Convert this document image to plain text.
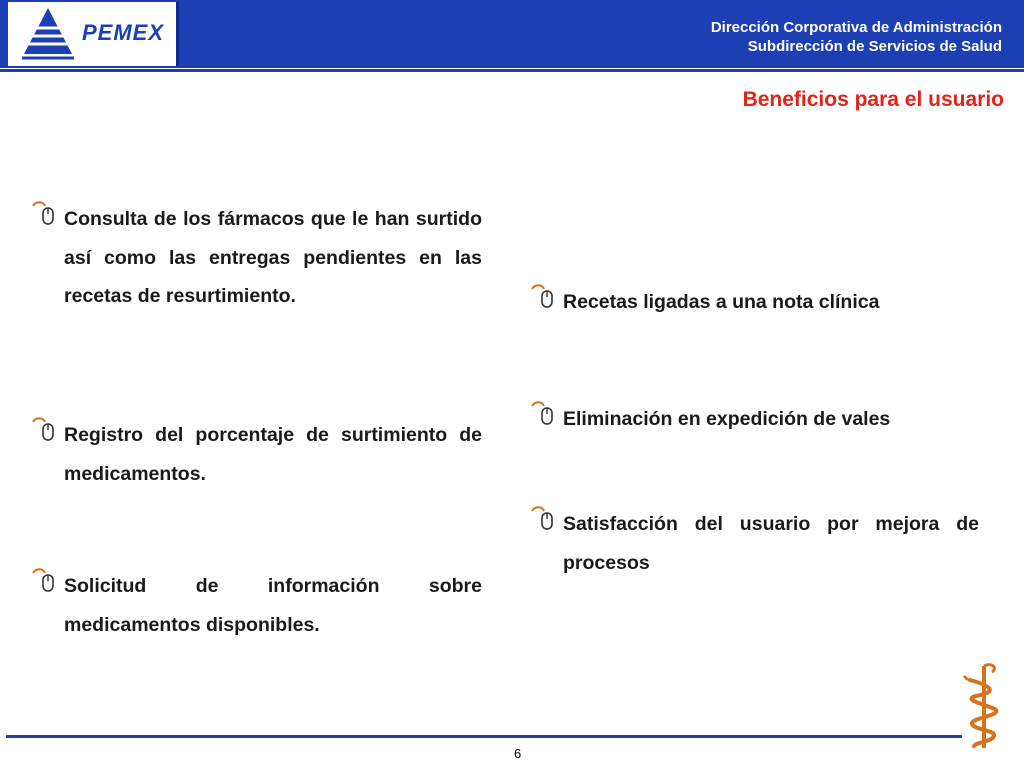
PEMEX	Dirección Corporativa de Administración
Subdirección de Servicios de Salud
Beneficios para el usuario
Consulta de los fármacos que le han surtido así como las entregas pendientes en las recetas de resurtimiento.
Registro del porcentaje de surtimiento de medicamentos.
Solicitud de información sobre medicamentos disponibles.
Recetas ligadas a una nota clínica
Eliminación en expedición de vales
Satisfacción del usuario por mejora de procesos
6
